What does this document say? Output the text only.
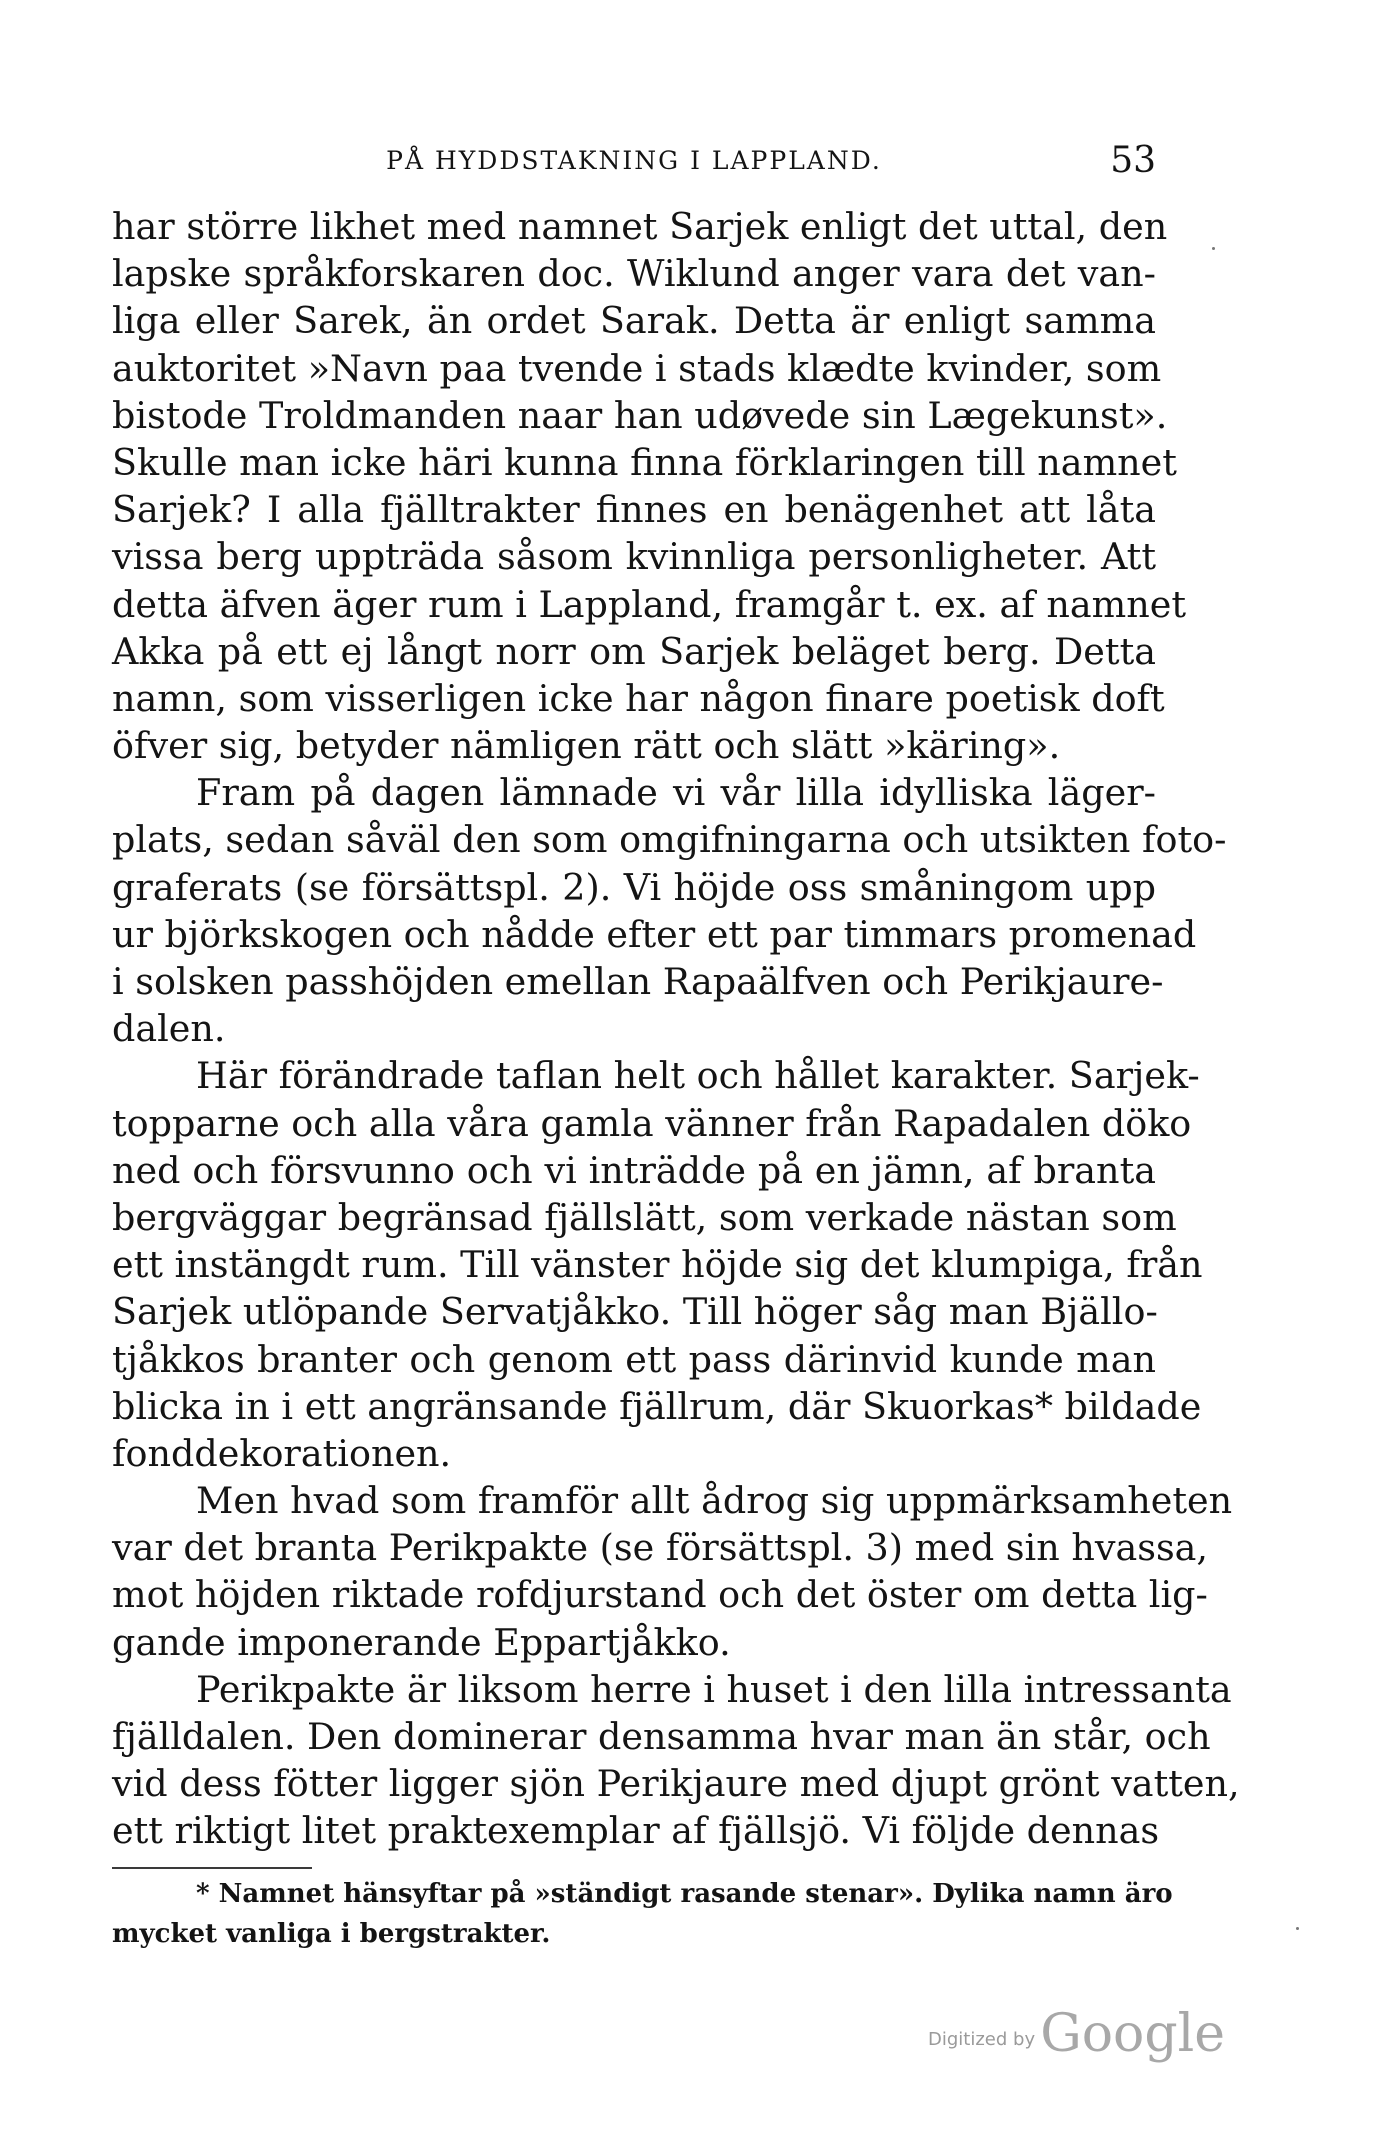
PÅ HYDDSTAKNING I LAPPLAND.	53
har större likhet med namnet Sarjek enligt det uttal, den
lapske språkforskaren doc. Wiklund anger vara det van-
liga eller Sarek, än ordet Sarak. Detta är enligt samma
auktoritet »Navn paa tvende i stads klædte kvinder, som
bistode Troldmanden naar han udøvede sin Lægekunst».
Skulle man icke häri kunna finna förklaringen till namnet
Sarjek? I alla fjälltrakter finnes en benägenhet att låta
vissa berg uppträda såsom kvinnliga personligheter. Att
detta äfven äger rum i Lappland, framgår t. ex. af namnet
Akka på ett ej långt norr om Sarjek beläget berg. Detta
namn, som visserligen icke har någon finare poetisk doft
öfver sig, betyder nämligen rätt och slätt »käring».
Fram på dagen lämnade vi vår lilla idylliska läger-
plats, sedan såväl den som omgifningarna och utsikten foto-
graferats (se försättspl. 2). Vi höjde oss småningom upp
ur björkskogen och nådde efter ett par timmars promenad
i solsken passhöjden emellan Rapaälfven och Perikjaure-
dalen.
Här förändrade taflan helt och hållet karakter. Sarjek-
topparne och alla våra gamla vänner från Rapadalen döko
ned och försvunno och vi inträdde på en jämn, af branta
bergväggar begränsad fjällslätt, som verkade nästan som
ett instängdt rum. Till vänster höjde sig det klumpiga, från
Sarjek utlöpande Servatjåkko. Till höger såg man Bjällo-
tjåkkos branter och genom ett pass därinvid kunde man
blicka in i ett angränsande fjällrum, där Skuorkas* bildade
fonddekorationen.
Men hvad som framför allt ådrog sig uppmärksamheten
var det branta Perikpakte (se försättspl. 3) med sin hvassa,
mot höjden riktade rofdjurstand och det öster om detta lig-
gande imponerande Eppartjåkko.
Perikpakte är liksom herre i huset i den lilla intressanta
fjälldalen. Den dominerar densamma hvar man än står, och
vid dess fötter ligger sjön Perikjaure med djupt grönt vatten,
ett riktigt litet praktexemplar af fjällsjö. Vi följde dennas
* Namnet hänsyftar på »ständigt rasande stenar». Dylika namn äro
mycket vanliga i bergstrakter.
Digitized by Google
